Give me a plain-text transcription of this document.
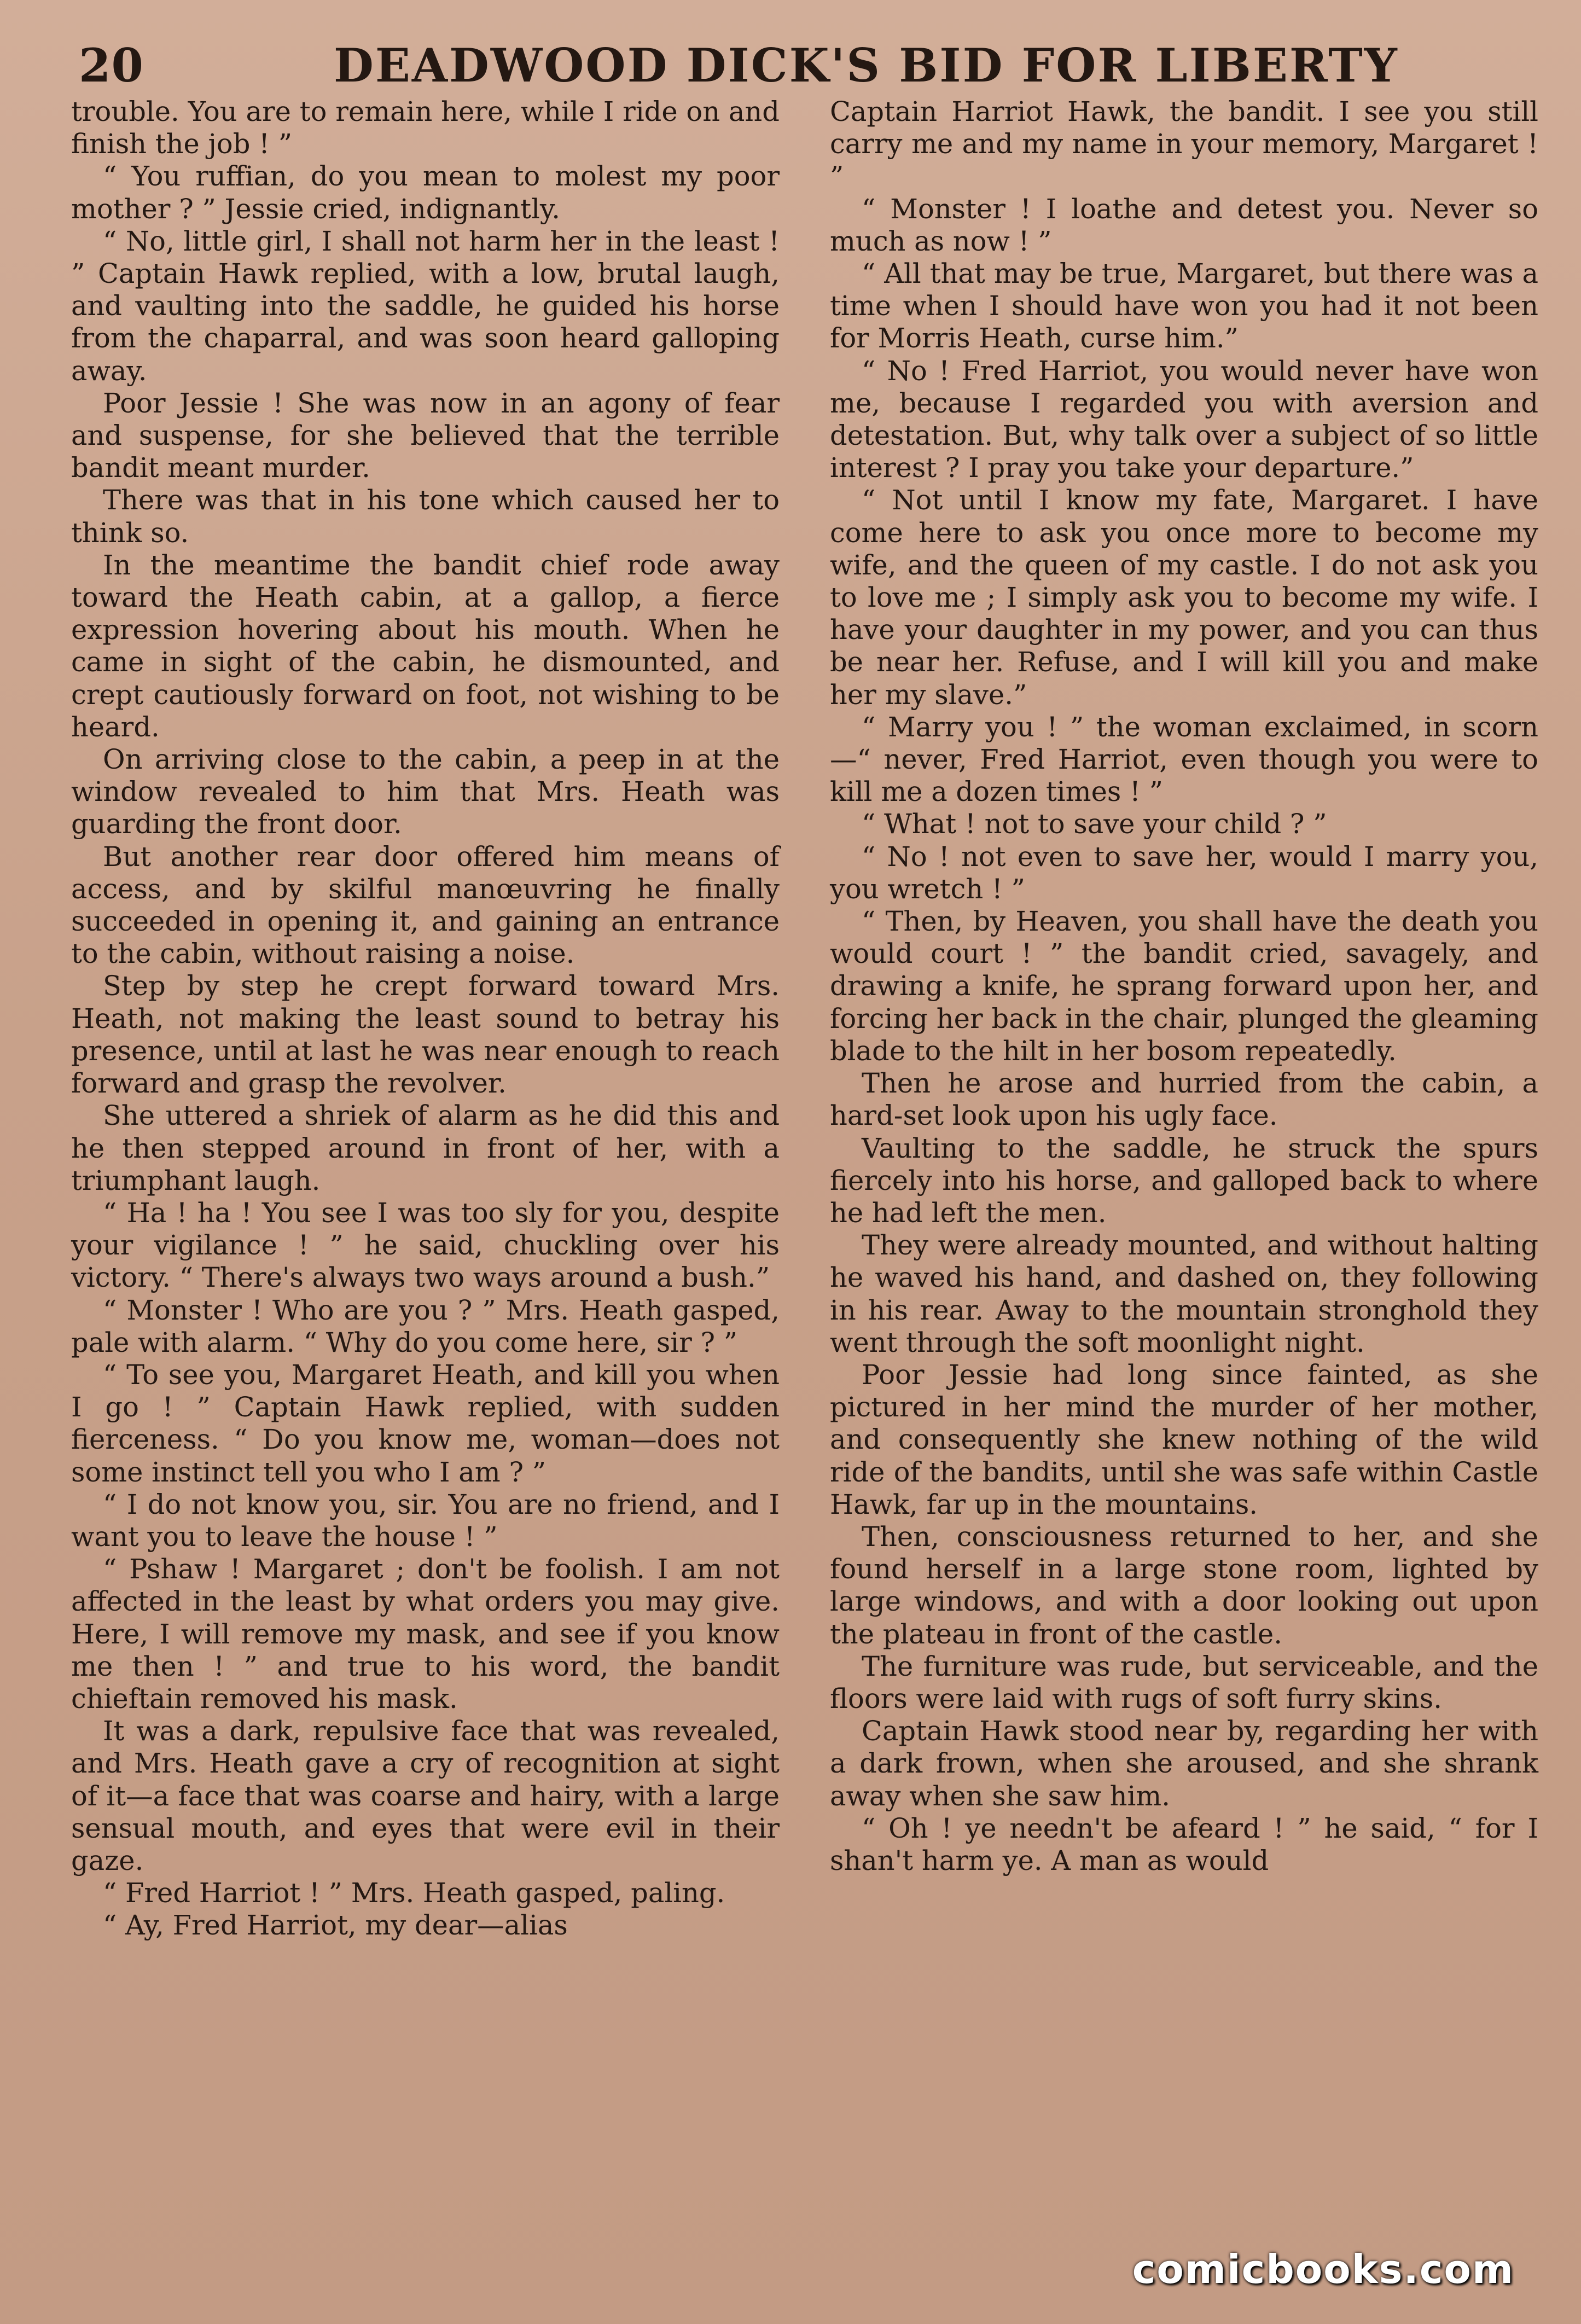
20	DEADWOOD DICK'S BID FOR LIBERTY

trouble. You are to remain here, while I ride on and finish the job ! ”

“ You ruffian, do you mean to molest my poor mother ? ” Jessie cried, indignantly.

“ No, little girl, I shall not harm her in the least ! ” Captain Hawk replied, with a low, brutal laugh, and vaulting into the saddle, he guided his horse from the chaparral, and was soon heard galloping away.

Poor Jessie ! She was now in an agony of fear and suspense, for she believed that the terrible bandit meant murder.

There was that in his tone which caused her to think so.

In the meantime the bandit chief rode away toward the Heath cabin, at a gallop, a fierce expression hovering about his mouth. When he came in sight of the cabin, he dismounted, and crept cautiously forward on foot, not wishing to be heard.

On arriving close to the cabin, a peep in at the window revealed to him that Mrs. Heath was guarding the front door.

But another rear door offered him means of access, and by skilful manœuvring he finally succeeded in opening it, and gaining an entrance to the cabin, without raising a noise.

Step by step he crept forward toward Mrs. Heath, not making the least sound to betray his presence, until at last he was near enough to reach forward and grasp the revolver.

She uttered a shriek of alarm as he did this and he then stepped around in front of her, with a triumphant laugh.

“ Ha ! ha ! You see I was too sly for you, despite your vigilance ! ” he said, chuckling over his victory. “ There's always two ways around a bush.”

“ Monster ! Who are you ? ” Mrs. Heath gasped, pale with alarm. “ Why do you come here, sir ? ”

“ To see you, Margaret Heath, and kill you when I go ! ” Captain Hawk replied, with sudden fierceness. “ Do you know me, woman—does not some instinct tell you who I am ? ”

“ I do not know you, sir. You are no friend, and I want you to leave the house ! ”

“ Pshaw ! Margaret ; don't be foolish. I am not affected in the least by what orders you may give. Here, I will remove my mask, and see if you know me then ! ” and true to his word, the bandit chieftain removed his mask.

It was a dark, repulsive face that was revealed, and Mrs. Heath gave a cry of recognition at sight of it—a face that was coarse and hairy, with a large sensual mouth, and eyes that were evil in their gaze.

“ Fred Harriot ! ” Mrs. Heath gasped, paling.

“ Ay, Fred Harriot, my dear—alias

Captain Harriot Hawk, the bandit. I see you still carry me and my name in your memory, Margaret ! ”

“ Monster ! I loathe and detest you. Never so much as now ! ”

“ All that may be true, Margaret, but there was a time when I should have won you had it not been for Morris Heath, curse him.”

“ No ! Fred Harriot, you would never have won me, because I regarded you with aversion and detestation. But, why talk over a subject of so little interest ? I pray you take your departure.”

“ Not until I know my fate, Margaret. I have come here to ask you once more to become my wife, and the queen of my castle. I do not ask you to love me ; I simply ask you to become my wife. I have your daughter in my power, and you can thus be near her. Refuse, and I will kill you and make her my slave.”

“ Marry you ! ” the woman exclaimed, in scorn—“ never, Fred Harriot, even though you were to kill me a dozen times ! ”

“ What ! not to save your child ? ”

“ No ! not even to save her, would I marry you, you wretch ! ”

“ Then, by Heaven, you shall have the death you would court ! ” the bandit cried, savagely, and drawing a knife, he sprang forward upon her, and forcing her back in the chair, plunged the gleaming blade to the hilt in her bosom repeatedly.

Then he arose and hurried from the cabin, a hard-set look upon his ugly face.

Vaulting to the saddle, he struck the spurs fiercely into his horse, and galloped back to where he had left the men.

They were already mounted, and without halting he waved his hand, and dashed on, they following in his rear. Away to the mountain stronghold they went through the soft moonlight night.

Poor Jessie had long since fainted, as she pictured in her mind the murder of her mother, and consequently she knew nothing of the wild ride of the bandits, until she was safe within Castle Hawk, far up in the mountains.

Then, consciousness returned to her, and she found herself in a large stone room, lighted by large windows, and with a door looking out upon the plateau in front of the castle.

The furniture was rude, but serviceable, and the floors were laid with rugs of soft furry skins.

Captain Hawk stood near by, regarding her with a dark frown, when she aroused, and she shrank away when she saw him.

“ Oh ! ye needn't be afeard ! ” he said, “ for I shan't harm ye. A man as would

comicbooks.com
